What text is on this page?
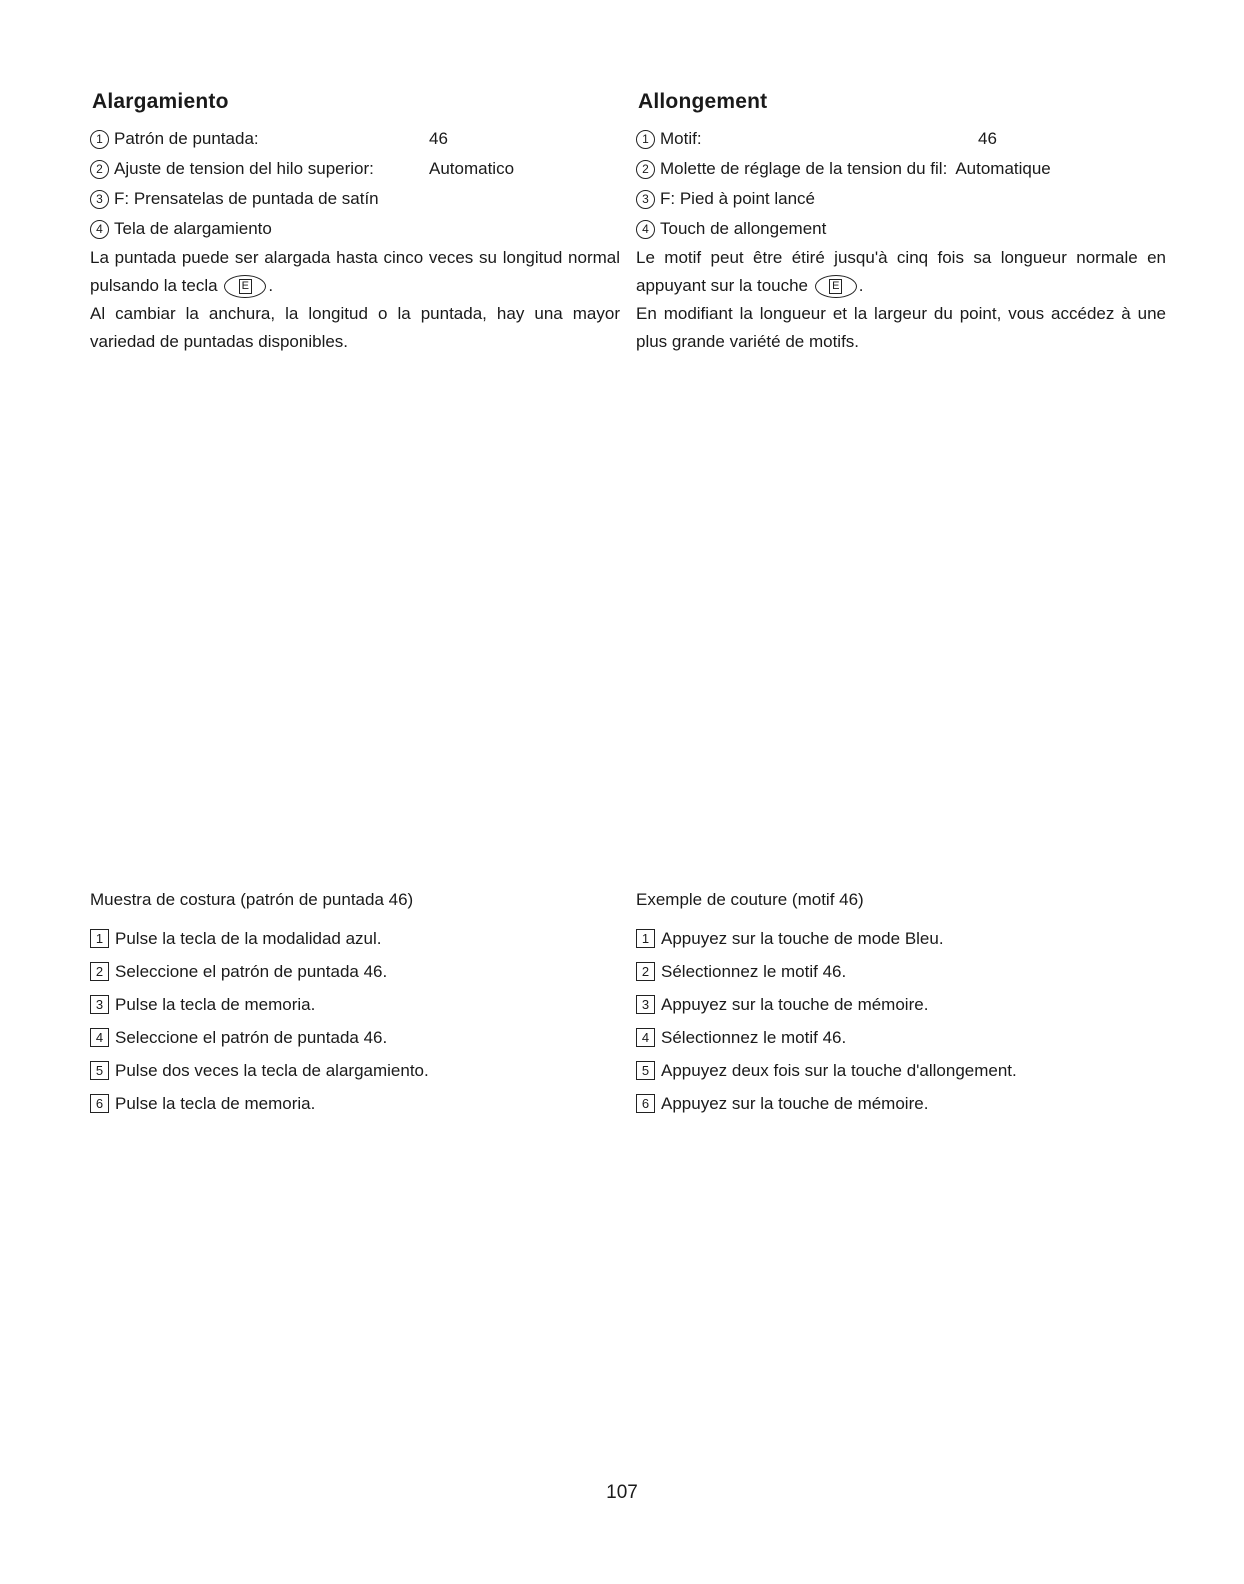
Alargamiento
1 Patrón de puntada:	46
2 Ajuste de tension del hilo superior:	Automatico
3 F: Prensatelas de puntada de satín
4 Tela de alargamiento

La puntada puede ser alargada hasta cinco veces su longitud normal pulsando la tecla E .

Al cambiar la anchura, la longitud o la puntada, hay una mayor variedad de puntadas disponibles.

Allongement
1 Motif:	46
2 Molette de réglage de la tension du fil: Automatique
3 F: Pied à point lancé
4 Touch de allongement

Le motif peut être étiré jusqu'à cinq fois sa longueur normale en appuyant sur la touche E .

En modifiant la longueur et la largeur du point, vous accédez à une plus grande variété de motifs.

Muestra de costura (patrón de puntada 46)

1 Pulse la tecla de la modalidad azul.
2 Seleccione el patrón de puntada 46.
3 Pulse la tecla de memoria.
4 Seleccione el patrón de puntada 46.
5 Pulse dos veces la tecla de alargamiento.
6 Pulse la tecla de memoria.

Exemple de couture (motif 46)

1 Appuyez sur la touche de mode Bleu.
2 Sélectionnez le motif 46.
3 Appuyez sur la touche de mémoire.
4 Sélectionnez le motif 46.
5 Appuyez deux fois sur la touche d'allongement.
6 Appuyez sur la touche de mémoire.
107
